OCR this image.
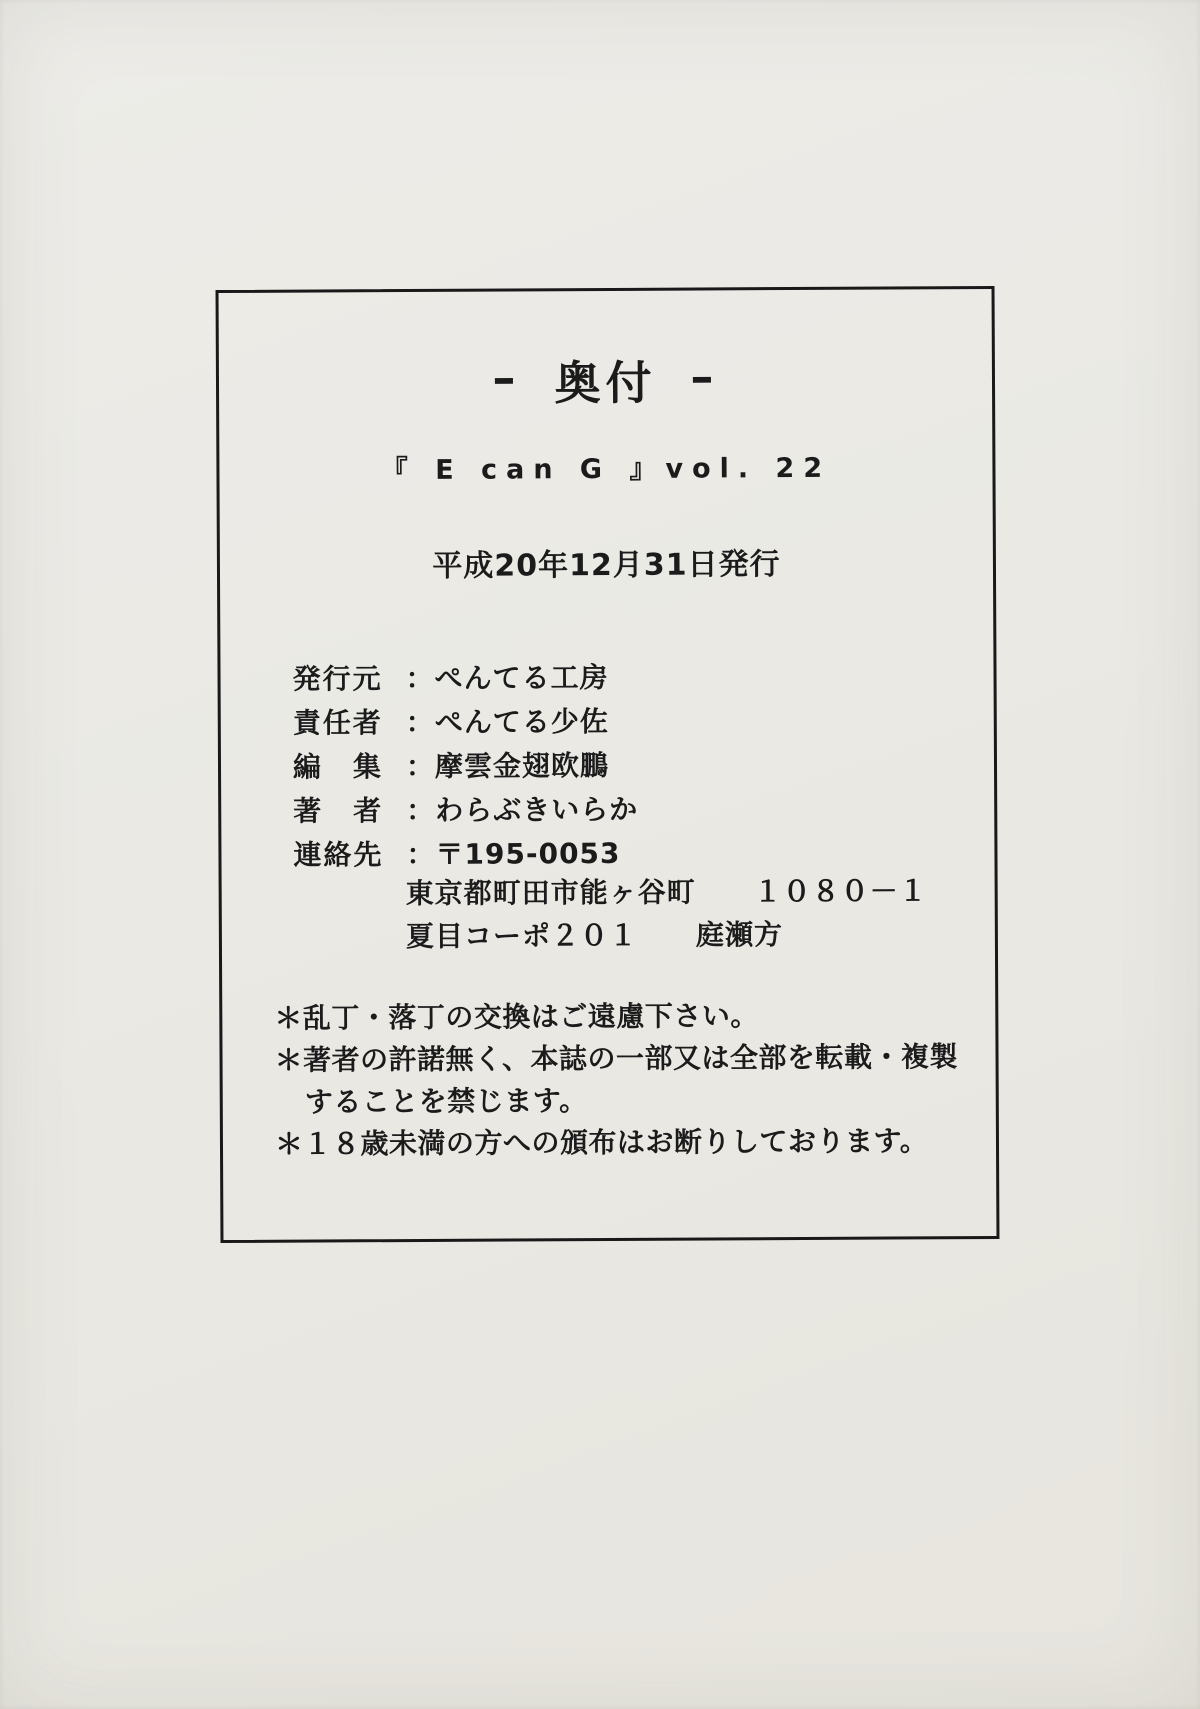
– 奥付 –
『 E can G 』vol. 22
平成20年12月31日発行
発行元 ： ぺんてる工房
責任者 ： ぺんてる少佐
編　集 ： 摩雲金翅欧鵬
著　者 ： わらぶきいらか
連絡先 ： 〒195-0053
東京都町田市能ヶ谷町　　１０８０－１
夏目コーポ２０１　　庭瀬方
＊乱丁・落丁の交換はご遠慮下さい。
＊著者の許諾無く、本誌の一部又は全部を転載・複製
することを禁じます。
＊１８歳未満の方への頒布はお断りしております。
